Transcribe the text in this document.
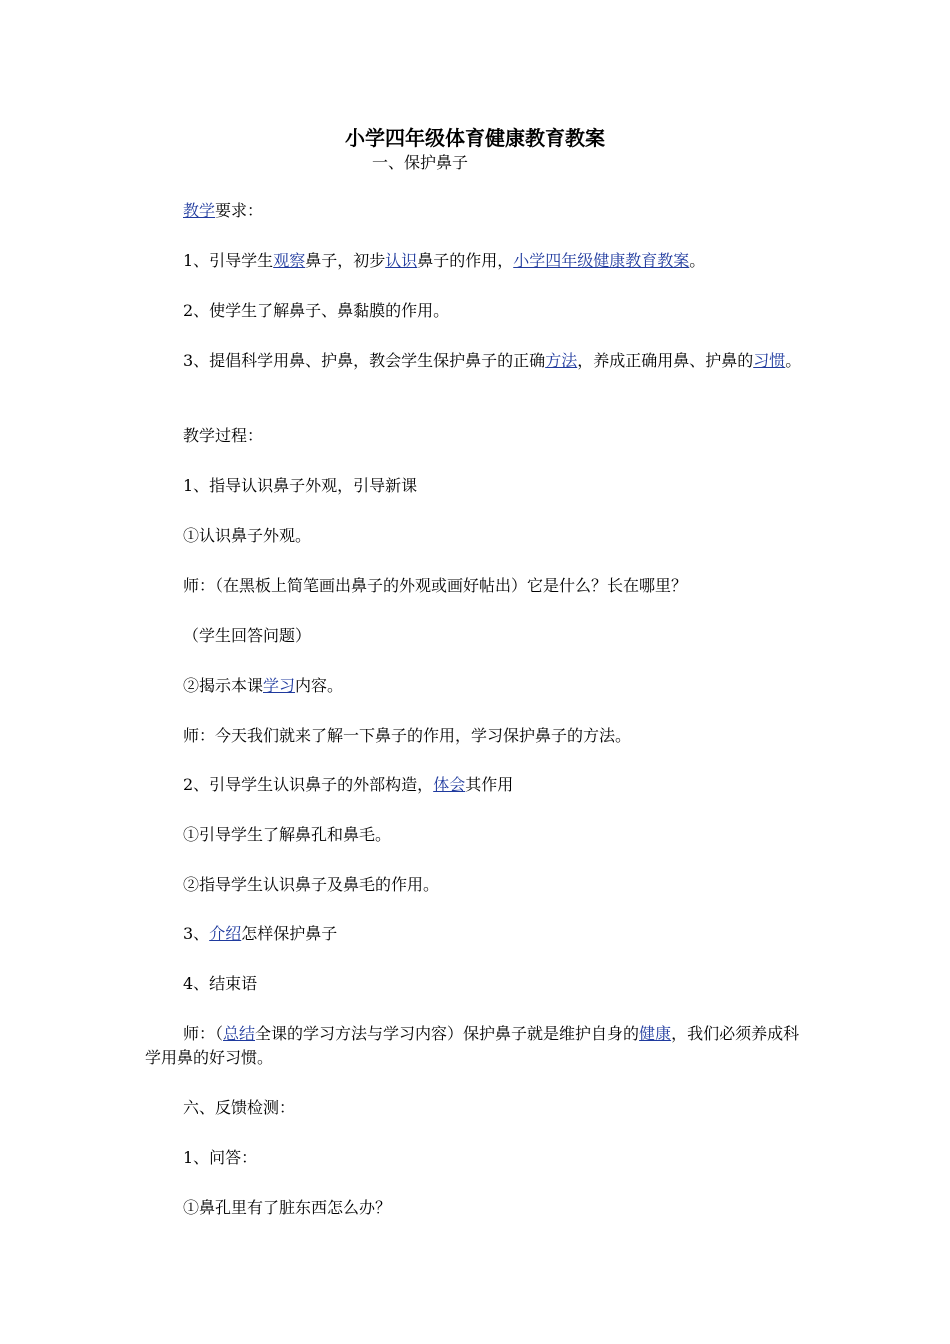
小学四年级体育健康教育教案
一、保护鼻子
教学要求：
1、引导学生观察鼻子，初步认识鼻子的作用，小学四年级健康教育教案。
2、使学生了解鼻子、鼻黏膜的作用。
3、提倡科学用鼻、护鼻，教会学生保护鼻子的正确方法，养成正确用鼻、护鼻的习惯。
教学过程：
1、指导认识鼻子外观，引导新课
①认识鼻子外观。
师：（在黑板上简笔画出鼻子的外观或画好帖出）它是什么？长在哪里？
（学生回答问题）
②揭示本课学习内容。
师：今天我们就来了解一下鼻子的作用，学习保护鼻子的方法。
2、引导学生认识鼻子的外部构造，体会其作用
①引导学生了解鼻孔和鼻毛。
②指导学生认识鼻子及鼻毛的作用。
3、介绍怎样保护鼻子
4、结束语
师：（总结全课的学习方法与学习内容）保护鼻子就是维护自身的健康，我们必须养成科学用鼻的好习惯。
六、反馈检测：
1、问答：
①鼻孔里有了脏东西怎么办？
